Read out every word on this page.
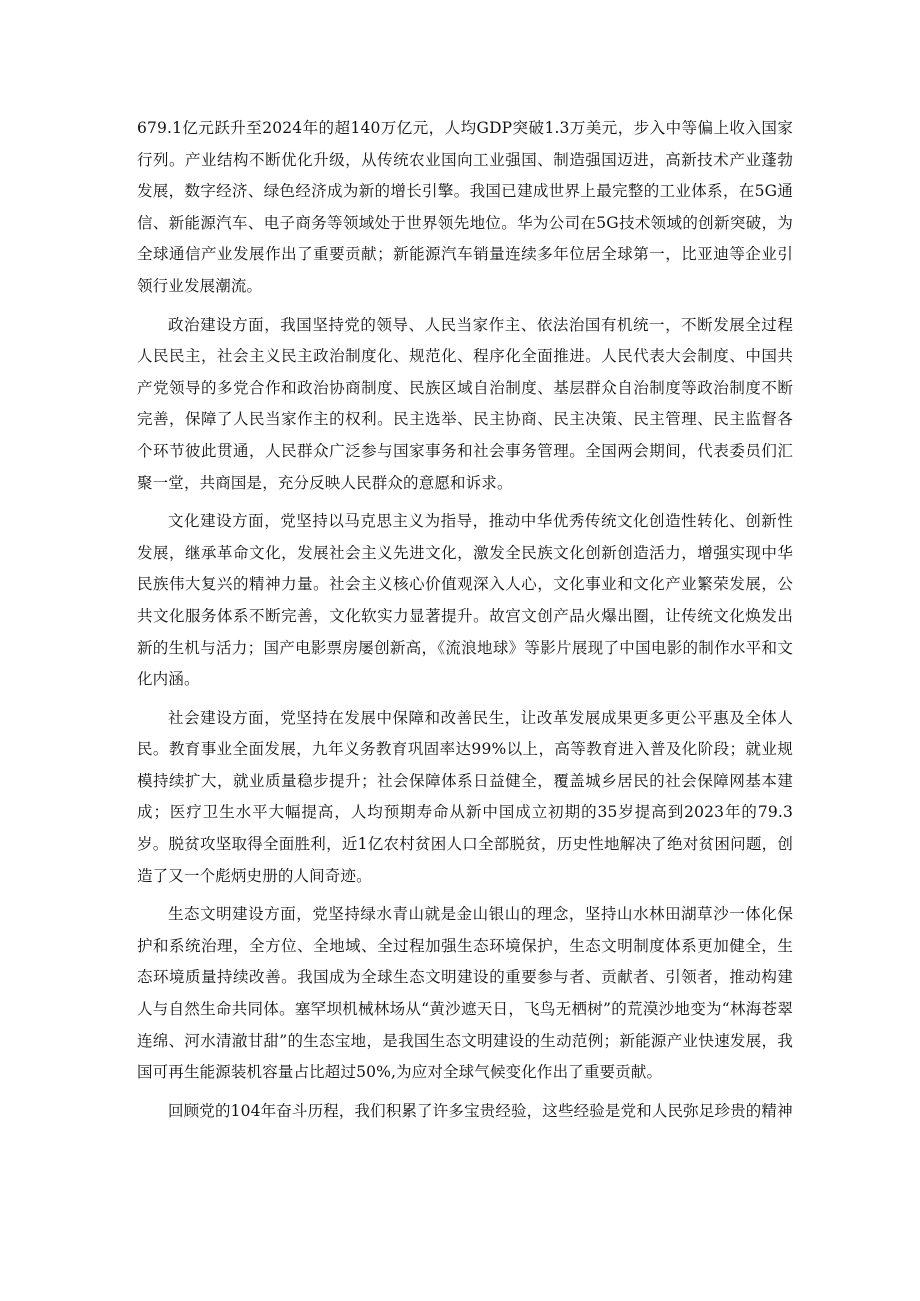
679.1亿元跃升至2024年的超140万亿元，人均GDP突破1.3万美元，步入中等偏上收入国家行列。产业结构不断优化升级，从传统农业国向工业强国、制造强国迈进，高新技术产业蓬勃发展，数字经济、绿色经济成为新的增长引擎。我国已建成世界上最完整的工业体系，在5G通信、新能源汽车、电子商务等领域处于世界领先地位。华为公司在5G技术领域的创新突破，为全球通信产业发展作出了重要贡献；新能源汽车销量连续多年位居全球第一，比亚迪等企业引领行业发展潮流。

政治建设方面，我国坚持党的领导、人民当家作主、依法治国有机统一，不断发展全过程人民民主，社会主义民主政治制度化、规范化、程序化全面推进。人民代表大会制度、中国共产党领导的多党合作和政治协商制度、民族区域自治制度、基层群众自治制度等政治制度不断完善，保障了人民当家作主的权利。民主选举、民主协商、民主决策、民主管理、民主监督各个环节彼此贯通，人民群众广泛参与国家事务和社会事务管理。全国两会期间，代表委员们汇聚一堂，共商国是，充分反映人民群众的意愿和诉求。

文化建设方面，党坚持以马克思主义为指导，推动中华优秀传统文化创造性转化、创新性发展，继承革命文化，发展社会主义先进文化，激发全民族文化创新创造活力，增强实现中华民族伟大复兴的精神力量。社会主义核心价值观深入人心，文化事业和文化产业繁荣发展，公共文化服务体系不断完善，文化软实力显著提升。故宫文创产品火爆出圈，让传统文化焕发出新的生机与活力；国产电影票房屡创新高，《流浪地球》等影片展现了中国电影的制作水平和文化内涵。

社会建设方面，党坚持在发展中保障和改善民生，让改革发展成果更多更公平惠及全体人民。教育事业全面发展，九年义务教育巩固率达99%以上，高等教育进入普及化阶段；就业规模持续扩大，就业质量稳步提升；社会保障体系日益健全，覆盖城乡居民的社会保障网基本建成；医疗卫生水平大幅提高，人均预期寿命从新中国成立初期的35岁提高到2023年的79.3岁。脱贫攻坚取得全面胜利，近1亿农村贫困人口全部脱贫，历史性地解决了绝对贫困问题，创造了又一个彪炳史册的人间奇迹。

生态文明建设方面，党坚持绿水青山就是金山银山的理念，坚持山水林田湖草沙一体化保护和系统治理，全方位、全地域、全过程加强生态环境保护，生态文明制度体系更加健全，生态环境质量持续改善。我国成为全球生态文明建设的重要参与者、贡献者、引领者，推动构建人与自然生命共同体。塞罕坝机械林场从“黄沙遮天日，飞鸟无栖树”的荒漠沙地变为“林海苍翠连绵、河水清澈甘甜”的生态宝地，是我国生态文明建设的生动范例；新能源产业快速发展，我国可再生能源装机容量占比超过50%,为应对全球气候变化作出了重要贡献。

回顾党的104年奋斗历程，我们积累了许多宝贵经验，这些经验是党和人民弥足珍贵的精神
